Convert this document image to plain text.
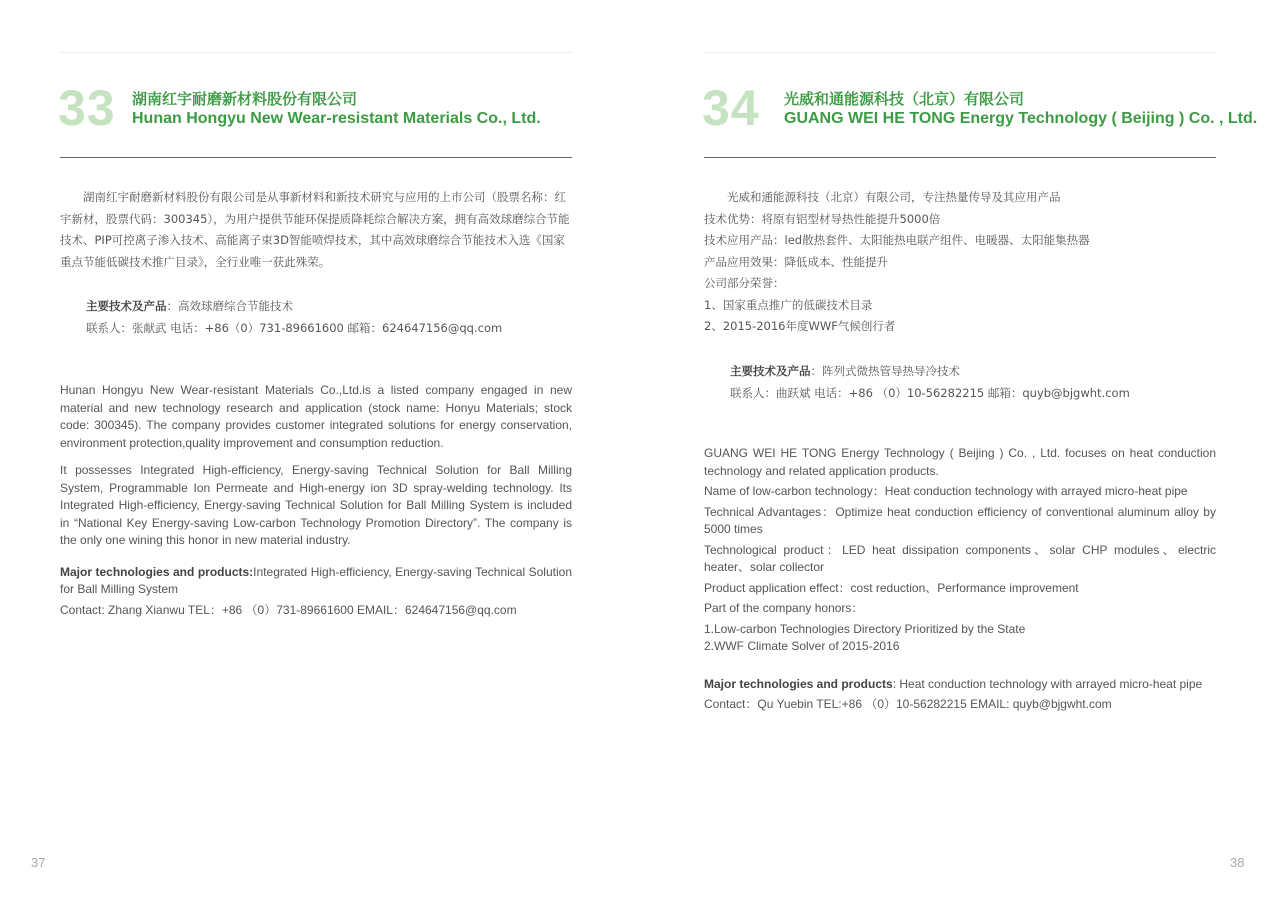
33 湖南红宇耐磨新材料股份有限公司
Hunan Hongyu New Wear-resistant Materials Co., Ltd.

湖南红宇耐磨新材料股份有限公司是从事新材料和新技术研究与应用的上市公司（股票名称：红宇新材，股票代码：300345），为用户提供节能环保提质降耗综合解决方案，拥有高效球磨综合节能技术、PIP可控离子渗入技术、高能离子束3D智能喷焊技术，其中高效球磨综合节能技术入选《国家重点节能低碳技术推广目录》，全行业唯一获此殊荣。

主要技术及产品：高效球磨综合节能技术

联系人：张献武 电话：+86（0）731-89661600 邮箱：624647156@qq.com

Hunan Hongyu New Wear-resistant Materials Co.,Ltd.is a listed company engaged in new material and new technology research and application (stock name: Honyu Materials; stock code: 300345). The company provides customer integrated solutions for energy conservation, environment protection,quality improvement and consumption reduction.

It possesses Integrated High-efficiency, Energy-saving Technical Solution for Ball Milling System, Programmable Ion Permeate and High-energy ion 3D spray-welding technology. Its Integrated High-efficiency, Energy-saving Technical Solution for Ball Milling System is included in “National Key Energy-saving Low-carbon Technology Promotion Directory”. The company is the only one wining this honor in new material industry.

Major technologies and products:Integrated High-efficiency, Energy-saving Technical Solution for Ball Milling System

Contact: Zhang Xianwu TEL：+86 （0）731-89661600 EMAIL：624647156@qq.com

37
34 光威和通能源科技（北京）有限公司
GUANG WEI HE TONG Energy Technology ( Beijing ) Co. , Ltd.

光威和通能源科技（北京）有限公司，专注热量传导及其应用产品

技术优势：将原有铝型材导热性能提升5000倍

技术应用产品：led散热套件、太阳能热电联产组件、电暖器、太阳能集热器

产品应用效果：降低成本、性能提升

公司部分荣誉：

1、国家重点推广的低碳技术目录

2、2015-2016年度WWF气候创行者

主要技术及产品：阵列式微热管导热导冷技术

联系人：曲跃斌 电话：+86 （0）10-56282215 邮箱：quyb@bjgwht.com

GUANG WEI HE TONG Energy Technology ( Beijing ) Co. , Ltd. focuses on heat conduction technology and related application products.

Name of low-carbon technology：Heat conduction technology with arrayed micro-heat pipe

Technical Advantages：Optimize heat conduction efficiency of conventional aluminum alloy by 5000 times

Technological product：LED heat dissipation components、solar CHP modules、electric heater、solar collector

Product application effect：cost reduction、Performance improvement

Part of the company honors：

1.Low-carbon Technologies Directory Prioritized by the State

2.WWF Climate Solver of 2015-2016

Major technologies and products: Heat conduction technology with arrayed micro-heat pipe

Contact：Qu Yuebin TEL:+86 （0）10-56282215 EMAIL: quyb@bjgwht.com

38
